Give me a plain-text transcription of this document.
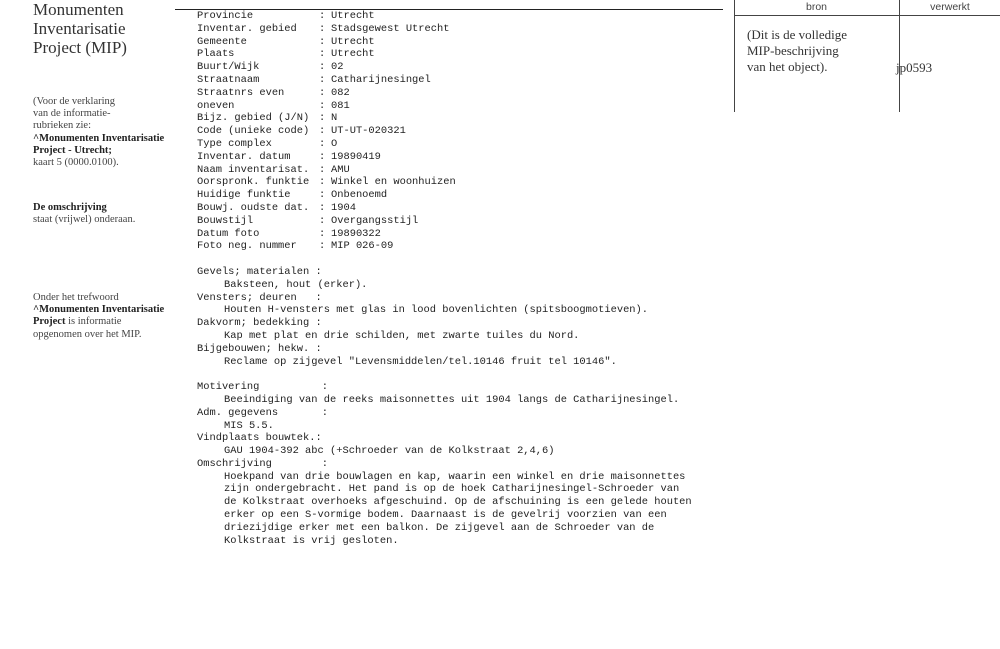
Monumenten
Inventarisatie
Project (MIP)
(Voor de verklaring
van de informatie-
rubrieken zie:
^Monumenten Inventarisatie
Project - Utrecht;
kaart 5 (0000.0100).
De omschrijving
staat (vrijwel) onderaan.
Onder het trefwoord
^Monumenten Inventarisatie
Project is informatie
opgenomen over het MIP.
bron	verwerkt
(Dit is de volledige
MIP-beschrijving
van het object).	jp0593

Provincie	: Utrecht
Inventar. gebied : Stadsgewest Utrecht
Gemeente	: Utrecht
Plaats	: Utrecht
Buurt/Wijk	: 02
Straatnaam	: Catharijnesingel
Straatnrs even	: 082
oneven	: 081
Bijz. gebied (J/N) : N
Code (unieke code) : UT-UT-020321
Type complex	: O
Inventar. datum	: 19890419
Naam inventarisat. : AMU
Oorspronk. funktie : Winkel en woonhuizen
Huidige funktie	: Onbenoemd
Bouwj. oudste dat. : 1904
Bouwstijl	: Overgangsstijl
Datum foto	: 19890322
Foto neg. nummer : MIP 026-09
Gevels; materialen :
Baksteen, hout (erker).
Vensters; deuren   :
Houten H-vensters met glas in lood bovenlichten (spitsboogmotieven).
Dakvorm; bedekking :
Kap met plat en drie schilden, met zwarte tuiles du Nord.
Bijgebouwen; hekw. :
Reclame op zijgevel "Levensmiddelen/tel.10146 fruit tel 10146".
Motivering          :
Beeindiging van de reeks maisonnettes uit 1904 langs de Catharijnesingel.
Adm. gegevens       :
MIS 5.5.
Vindplaats bouwtek.:
GAU 1904-392 abc (+Schroeder van de Kolkstraat 2,4,6)
Omschrijving        :
Hoekpand van drie bouwlagen en kap, waarin een winkel en drie maisonnettes
zijn ondergebracht. Het pand is op de hoek Catharijnesingel-Schroeder van
de Kolkstraat overhoeks afgeschuind. Op de afschuining is een gelede houten
erker op een S-vormige bodem. Daarnaast is de gevelrij voorzien van een
driezijdige erker met een balkon. De zijgevel aan de Schroeder van de
Kolkstraat is vrij gesloten.
